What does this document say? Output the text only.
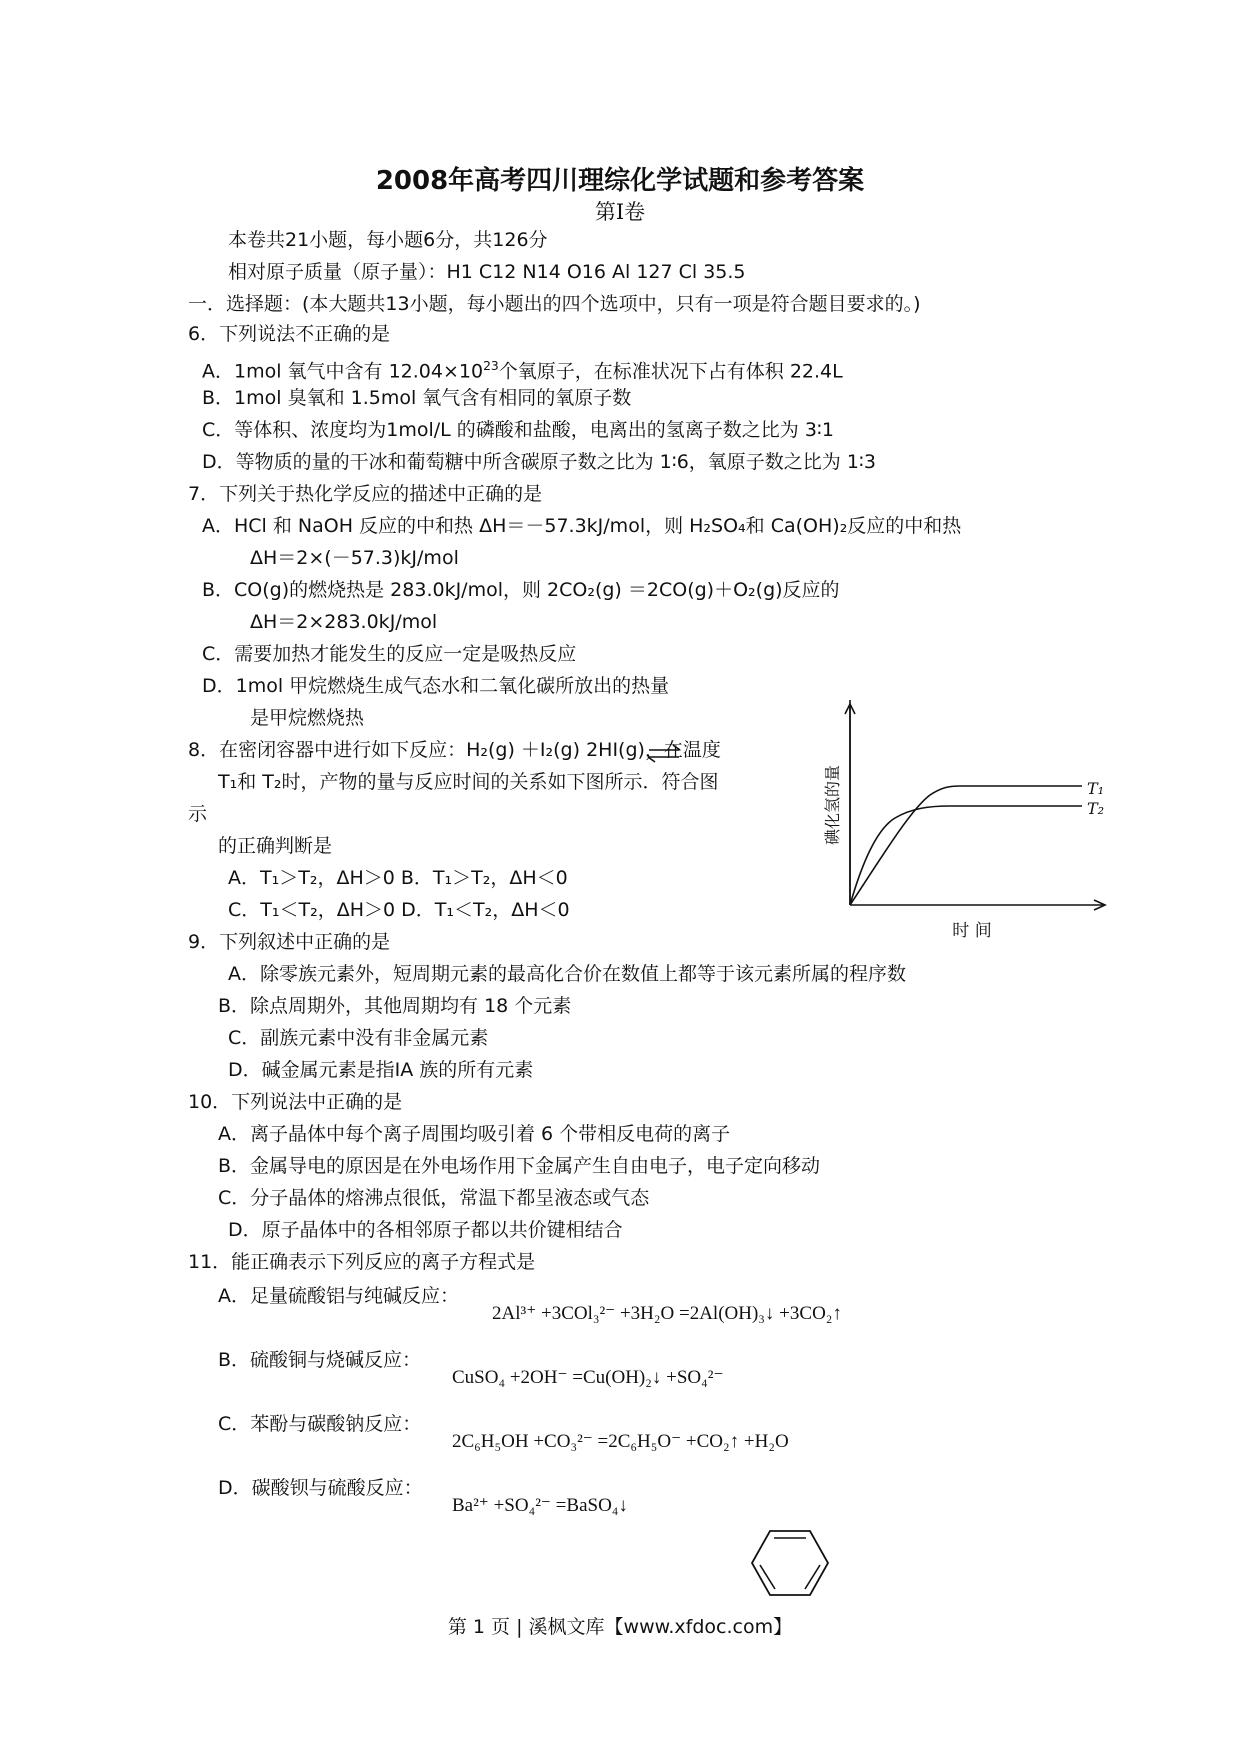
2008年高考四川理综化学试题和参考答案
第Ⅰ卷
本卷共21小题，每小题6分，共126分
相对原子质量（原子量）：H1 C12 N14 O16 Al 127 Cl 35.5
一．选择题：(本大题共13小题，每小题出的四个选项中，只有一项是符合题目要求的。)
6．下列说法不正确的是
A．1mol 氧气中含有 $12.04\times 10^{23}$个氧原子，在标准状况下占有体积 22.4L
B．1mol 臭氧和 1.5mol 氧气含有相同的氧原子数
C．等体积、浓度均为1mol/L 的磷酸和盐酸，电离出的氢离子数之比为 3∶1
D．等物质的量的干冰和葡萄糖中所含碳原子数之比为 1∶6，氧原子数之比为 1∶3
7．下列关于热化学反应的描述中正确的是
A．HCl 和 NaOH 反应的中和热 ΔH＝－57.3kJ/mol，则 H₂SO₄和 Ca(OH)₂反应的中和热
ΔH＝2×(－57.3)kJ/mol
B．CO(g)的燃烧热是 283.0kJ/mol，则 2CO₂(g) ＝2CO(g)＋O₂(g)反应的
ΔH＝2×283.0kJ/mol
C．需要加热才能发生的反应一定是吸热反应
D．1mol 甲烷燃烧生成气态水和二氧化碳所放出的热量
是甲烷燃烧热
8．在密闭容器中进行如下反应：H₂(g) ＋I₂(g) 2HI(g)，在温度
T₁和 T₂时，产物的量与反应时间的关系如下图所示．符合图
示
的正确判断是
A．T₁＞T₂，ΔH＞0 B．T₁＞T₂，ΔH＜0
C．T₁＜T₂，ΔH＞0 D．T₁＜T₂，ΔH＜0
T₁
T₂
碘化氢的量
时 间
9．下列叙述中正确的是
A．除零族元素外，短周期元素的最高化合价在数值上都等于该元素所属的程序数
B．除点周期外，其他周期均有 18 个元素
C．副族元素中没有非金属元素
D．碱金属元素是指ⅠA 族的所有元素
10．下列说法中正确的是
A．离子晶体中每个离子周围均吸引着 6 个带相反电荷的离子
B．金属导电的原因是在外电场作用下金属产生自由电子，电子定向移动
C．分子晶体的熔沸点很低，常温下都呈液态或气态
D．原子晶体中的各相邻原子都以共价键相结合
11．能正确表示下列反应的离子方程式是
A．足量硫酸铝与纯碱反应：
2Al³⁺ +3COl₃²⁻ +3H₂O =2Al(OH)₃↓ +3CO₂↑
B．硫酸铜与烧碱反应：
CuSO₄ +2OH⁻ =Cu(OH)₂↓ +SO₄²⁻
C．苯酚与碳酸钠反应：
2C₆H₅OH +CO₃²⁻ =2C₆H₅O⁻ +CO₂↑ +H₂O
D．碳酸钡与硫酸反应：
Ba²⁺ +SO₄²⁻ =BaSO₄↓
第 1 页 | 溪枫文库【www.xfdoc.com】
